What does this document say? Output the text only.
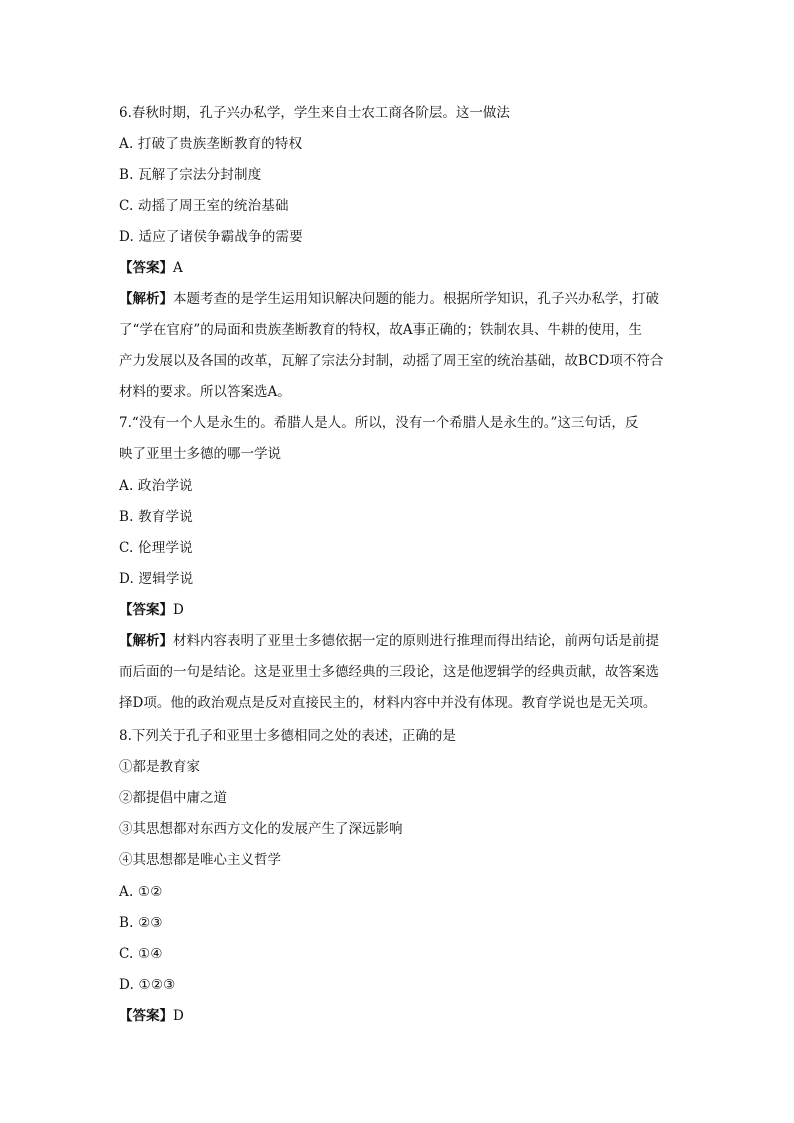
6.春秋时期，孔子兴办私学，学生来自士农工商各阶层。这一做法
A. 打破了贵族垄断教育的特权
B. 瓦解了宗法分封制度
C. 动摇了周王室的统治基础
D. 适应了诸侯争霸战争的需要
【答案】A
【解析】本题考查的是学生运用知识解决问题的能力。根据所学知识，孔子兴办私学，打破
了“学在官府”的局面和贵族垄断教育的特权，故A事正确的；铁制农具、牛耕的使用，生
产力发展以及各国的改革，瓦解了宗法分封制，动摇了周王室的统治基础，故BCD项不符合
材料的要求。所以答案选A。
7.“没有一个人是永生的。希腊人是人。所以，没有一个希腊人是永生的。”这三句话，反
映了亚里士多德的哪一学说
A. 政治学说
B. 教育学说
C. 伦理学说
D. 逻辑学说
【答案】D
【解析】材料内容表明了亚里士多德依据一定的原则进行推理而得出结论，前两句话是前提
而后面的一句是结论。这是亚里士多德经典的三段论，这是他逻辑学的经典贡献，故答案选
择D项。他的政治观点是反对直接民主的，材料内容中并没有体现。教育学说也是无关项。
8.下列关于孔子和亚里士多德相同之处的表述，正确的是
①都是教育家
②都提倡中庸之道
③其思想都对东西方文化的发展产生了深远影响
④其思想都是唯心主义哲学
A. ①②
B. ②③
C. ①④
D. ①②③
【答案】D
